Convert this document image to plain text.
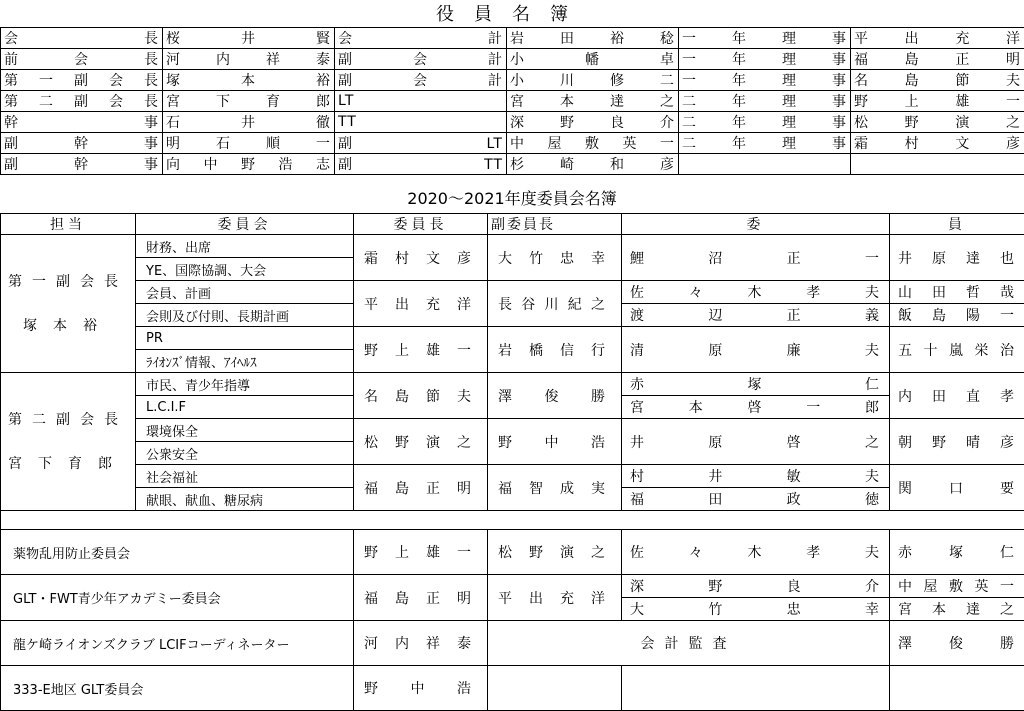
役員名簿
会長	桜井賢	会計	岩田裕稔	一年理事	平出充洋
前会長	河内祥泰	副会計	小幡卓	一年理事	福島正明
第一副会長	塚本裕	副会計	小川修二	一年理事	名島節夫
第二副会長	宮下育郎	LT	宮本達之	二年理事	野上雄一
幹事	石井徹	TT	深野良介	二年理事	松野演之
副幹事	明石順一	副LT	中屋敷英一	二年理事	霜村文彦
副幹事	向中野浩志	副TT	杉崎和彦		
2020～2021年度委員会名簿
担当	委員会	委員長	副委員長	委	員	

第一副会長
塚本裕	財務、出席	霜村文彦	大竹忠幸	鯉沼正一	井原達也	
	YE、国際協調、大会					
	会員、計画	平出充洋	長谷川紀之	佐々木孝夫	山田哲哉	
	会則及び付則、長期計画			渡辺正義	飯島陽一	
	PR	野上雄一	岩橋信行	清原廉夫	五十嵐栄治	
	ﾗｲｵﾝｽﾞ情報、ｱｲﾍﾙｽ					

第二副会長
宮下育郎	市民、青少年指導	名島節夫	澤俊勝	赤塚仁	内田直孝	
	L.C.I.F			宮本啓一郎		
	環境保全	松野演之	野中浩	井原啓之	朝野晴彦	
	公衆安全					
	社会福祉	福島正明	福智成実	村井敏夫	関口要	
	献眼、献血、糖尿病			福田政徳		

薬物乱用防止委員会		野上雄一	松野演之	佐々木孝夫	赤塚仁	
GLT・FWT青少年アカデミー委員会		福島正明	平出充洋	深野良介	中屋敷英一	
				大竹忠幸	宮本達之	
龍ケ崎ライオンズクラブ LCIFコーディネーター		河内祥泰	会計監査		澤俊勝	
333-E地区 GLT委員会		野中浩				
